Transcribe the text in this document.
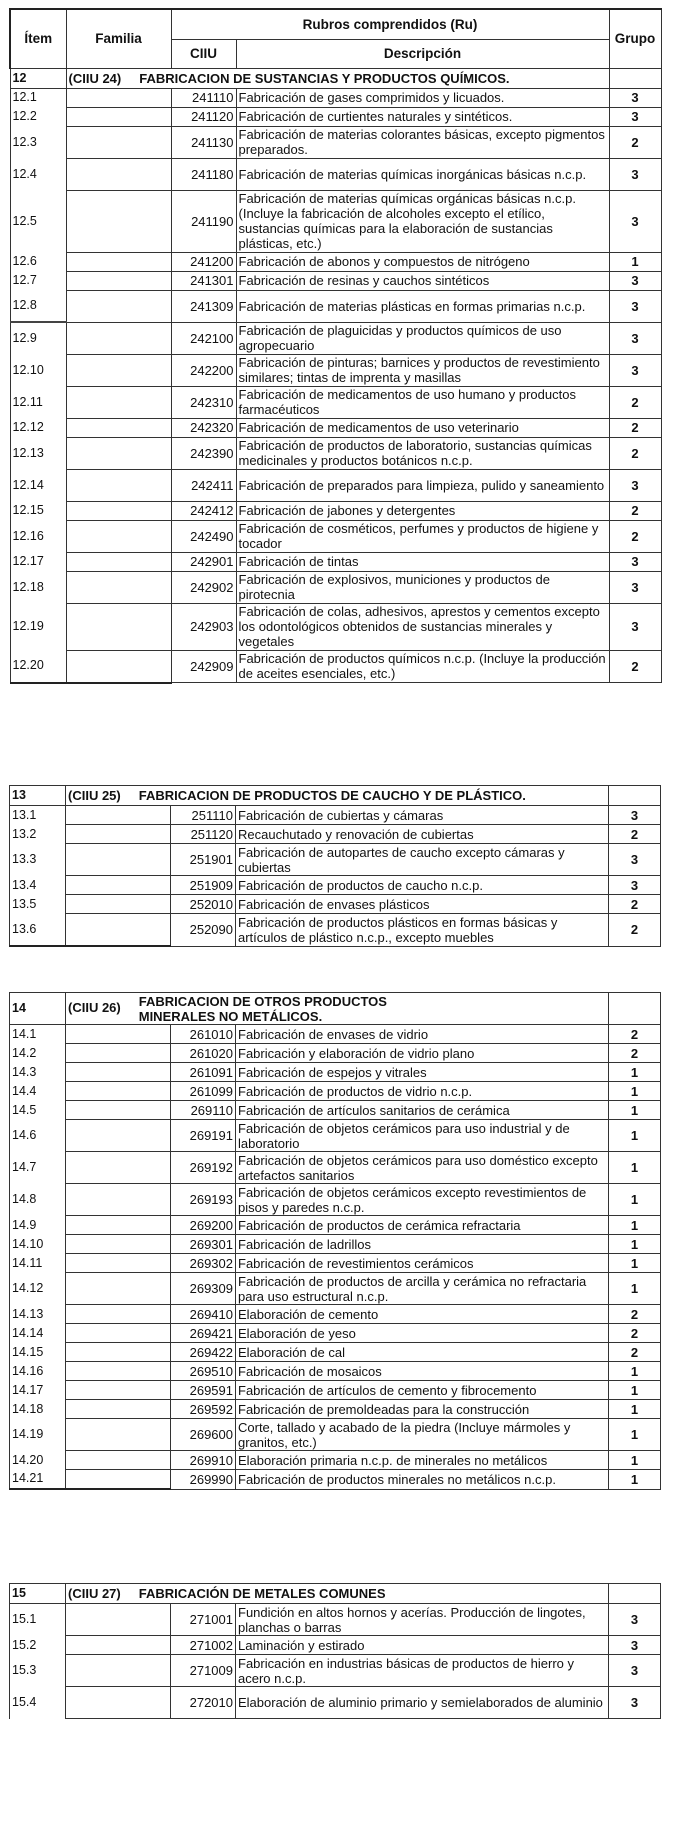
Ítem	Familia	Rubros comprendidos (Ru)		Grupo
		CIIU	Descripción	
12	(CIIU 24) FABRICACION DE SUSTANCIAS Y PRODUCTOS QUÍMICOS.			
12.1		241110	Fabricación de gases comprimidos y licuados.	3
12.2		241120	Fabricación de curtientes naturales y sintéticos.	3
12.3		241130	Fabricación de materias colorantes básicas, excepto pigmentos preparados.	2
12.4		241180	Fabricación de materias químicas inorgánicas básicas n.c.p.	3
12.5		241190	Fabricación de materias químicas orgánicas básicas n.c.p. (Incluye la fabricación de alcoholes excepto el etílico, sustancias químicas para la elaboración de sustancias plásticas, etc.)	3
12.6		241200	Fabricación de abonos y compuestos de nitrógeno	1
12.7		241301	Fabricación de resinas y cauchos sintéticos	3
12.8		241309	Fabricación de materias plásticas en formas primarias n.c.p.	3
12.9		242100	Fabricación de plaguicidas y productos químicos de uso agropecuario	3
12.10		242200	Fabricación de pinturas; barnices y productos de revestimiento similares; tintas de imprenta y masillas	3
12.11		242310	Fabricación de medicamentos de uso humano y productos farmacéuticos	2
12.12		242320	Fabricación de medicamentos de uso veterinario	2
12.13		242390	Fabricación de productos de laboratorio, sustancias químicas medicinales y productos botánicos n.c.p.	2
12.14		242411	Fabricación de preparados para limpieza, pulido y saneamiento	3
12.15		242412	Fabricación de jabones y detergentes	2
12.16		242490	Fabricación de cosméticos, perfumes y productos de higiene y tocador	2
12.17		242901	Fabricación de tintas	3
12.18		242902	Fabricación de explosivos, municiones y productos de pirotecnia	3
12.19		242903	Fabricación de colas, adhesivos, aprestos y cementos excepto los odontológicos obtenidos de sustancias minerales y vegetales	3
12.20		242909	Fabricación de productos químicos n.c.p. (Incluye la producción de aceites esenciales, etc.)	2
13	(CIIU 25) FABRICACION DE PRODUCTOS DE CAUCHO Y DE PLÁSTICO.			
13.1		251110	Fabricación de cubiertas y cámaras	3
13.2		251120	Recauchutado y renovación de cubiertas	2
13.3		251901	Fabricación de autopartes de caucho excepto cámaras y cubiertas	3
13.4		251909	Fabricación de productos de caucho n.c.p.	3
13.5		252010	Fabricación de envases plásticos	2
13.6		252090	Fabricación de productos plásticos en formas básicas y artículos de plástico n.c.p., excepto muebles	2
14	(CIIU 26) FABRICACION DE OTROS PRODUCTOS MINERALES NO METÁLICOS.			
14.1		261010	Fabricación de envases de vidrio	2
14.2		261020	Fabricación y elaboración de vidrio plano	2
14.3		261091	Fabricación de espejos y vitrales	1
14.4		261099	Fabricación de productos de vidrio n.c.p.	1
14.5		269110	Fabricación de artículos sanitarios de cerámica	1
14.6		269191	Fabricación de objetos cerámicos para uso industrial y de laboratorio	1
14.7		269192	Fabricación de objetos cerámicos para uso doméstico excepto artefactos sanitarios	1
14.8		269193	Fabricación de objetos cerámicos excepto revestimientos de pisos y paredes n.c.p.	1
14.9		269200	Fabricación de productos de cerámica refractaria	1
14.10		269301	Fabricación de ladrillos	1
14.11		269302	Fabricación de revestimientos cerámicos	1
14.12		269309	Fabricación de productos de arcilla y cerámica no refractaria para uso estructural n.c.p.	1
14.13		269410	Elaboración de cemento	2
14.14		269421	Elaboración de yeso	2
14.15		269422	Elaboración de cal	2
14.16		269510	Fabricación de mosaicos	1
14.17		269591	Fabricación de artículos de cemento y fibrocemento	1
14.18		269592	Fabricación de premoldeadas para la construcción	1
14.19		269600	Corte, tallado y acabado de la piedra (Incluye mármoles y granitos, etc.)	1
14.20		269910	Elaboración primaria n.c.p. de minerales no metálicos	1
14.21		269990	Fabricación de productos minerales no metálicos n.c.p.	1
15	(CIIU 27) FABRICACIÓN DE METALES COMUNES			
15.1		271001	Fundición en altos hornos y acerías. Producción de lingotes, planchas o barras	3
15.2		271002	Laminación y estirado	3
15.3		271009	Fabricación en industrias básicas de productos de hierro y acero n.c.p.	3
15.4		272010	Elaboración de aluminio primario y semielaborados de aluminio	3
